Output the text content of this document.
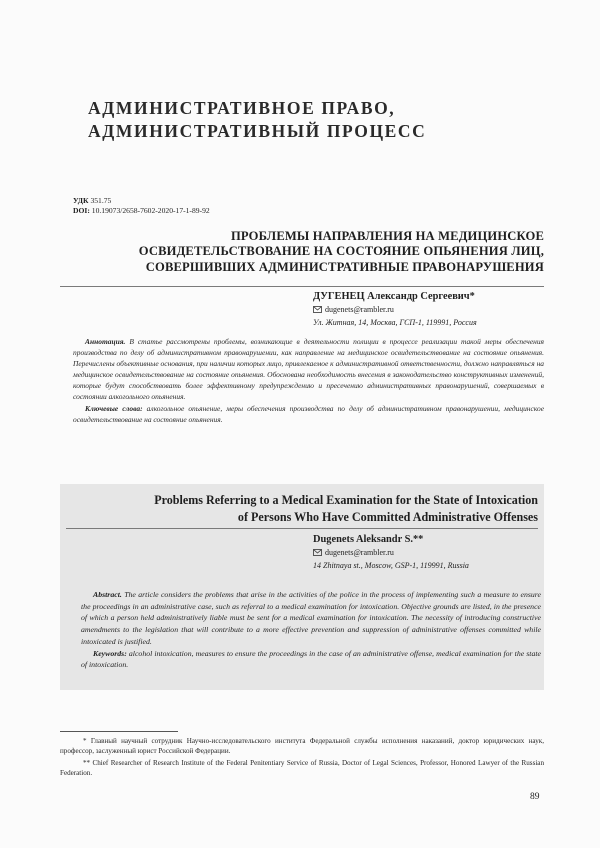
АДМИНИСТРАТИВНОЕ ПРАВО,
АДМИНИСТРАТИВНЫЙ ПРОЦЕСС
УДК 351.75
DOI: 10.19073/2658-7602-2020-17-1-89-92
ПРОБЛЕМЫ НАПРАВЛЕНИЯ НА МЕДИЦИНСКОЕ
ОСВИДЕТЕЛЬСТВОВАНИЕ НА СОСТОЯНИЕ ОПЬЯНЕНИЯ ЛИЦ,
СОВЕРШИВШИХ АДМИНИСТРАТИВНЫЕ ПРАВОНАРУШЕНИЯ
ДУГЕНЕЦ Александр Сергеевич*
dugenets@rambler.ru
Ул. Житная, 14, Москва, ГСП-1, 119991, Россия

Аннотация. В статье рассмотрены проблемы, возникающие в деятельности полиции в процессе реализации такой меры обеспечения производства по делу об административном правонарушении, как направление на медицинское освидетельствование на состояние опьянения. Перечислены объективные основания, при наличии которых лицо, привлекаемое к административной ответственности, должно направляться на медицинское освидетельствование на состояние опьянения. Обоснована необходимость внесения в законодательство конструктивных изменений, которые будут способствовать более эффективному предупреждению и пресечению административных правонарушений, совершаемых в состоянии алкогольного опьянения.

Ключевые слова: алкогольное опьянение, меры обеспечения производства по делу об административном правонарушении, медицинское освидетельствование на состояние опьянения.

Problems Referring to a Medical Examination for the State of Intoxication
of Persons Who Have Committed Administrative Offenses
Dugenets Aleksandr S.**
dugenets@rambler.ru
14 Zhitnaya st., Moscow, GSP-1, 119991, Russia

Abstract. The article considers the problems that arise in the activities of the police in the process of implementing such a measure to ensure the proceedings in an administrative case, such as referral to a medical examination for intoxication. Objective grounds are listed, in the presence of which a person held administratively liable must be sent for a medical examination for intoxication. The necessity of introducing constructive amendments to the legislation that will contribute to a more effective prevention and suppression of administrative offenses committed while intoxicated is justified.

Keywords: alcohol intoxication, measures to ensure the proceedings in the case of an administrative offense, medical examination for the state of intoxication.

* Главный научный сотрудник Научно-исследовательского института Федеральной службы исполнения наказаний, доктор юридических наук, профессор, заслуженный юрист Российской Федерации.

** Chief Researcher of Research Institute of the Federal Penitentiary Service of Russia, Doctor of Legal Sciences, Professor, Honored Lawyer of the Russian Federation.

89
